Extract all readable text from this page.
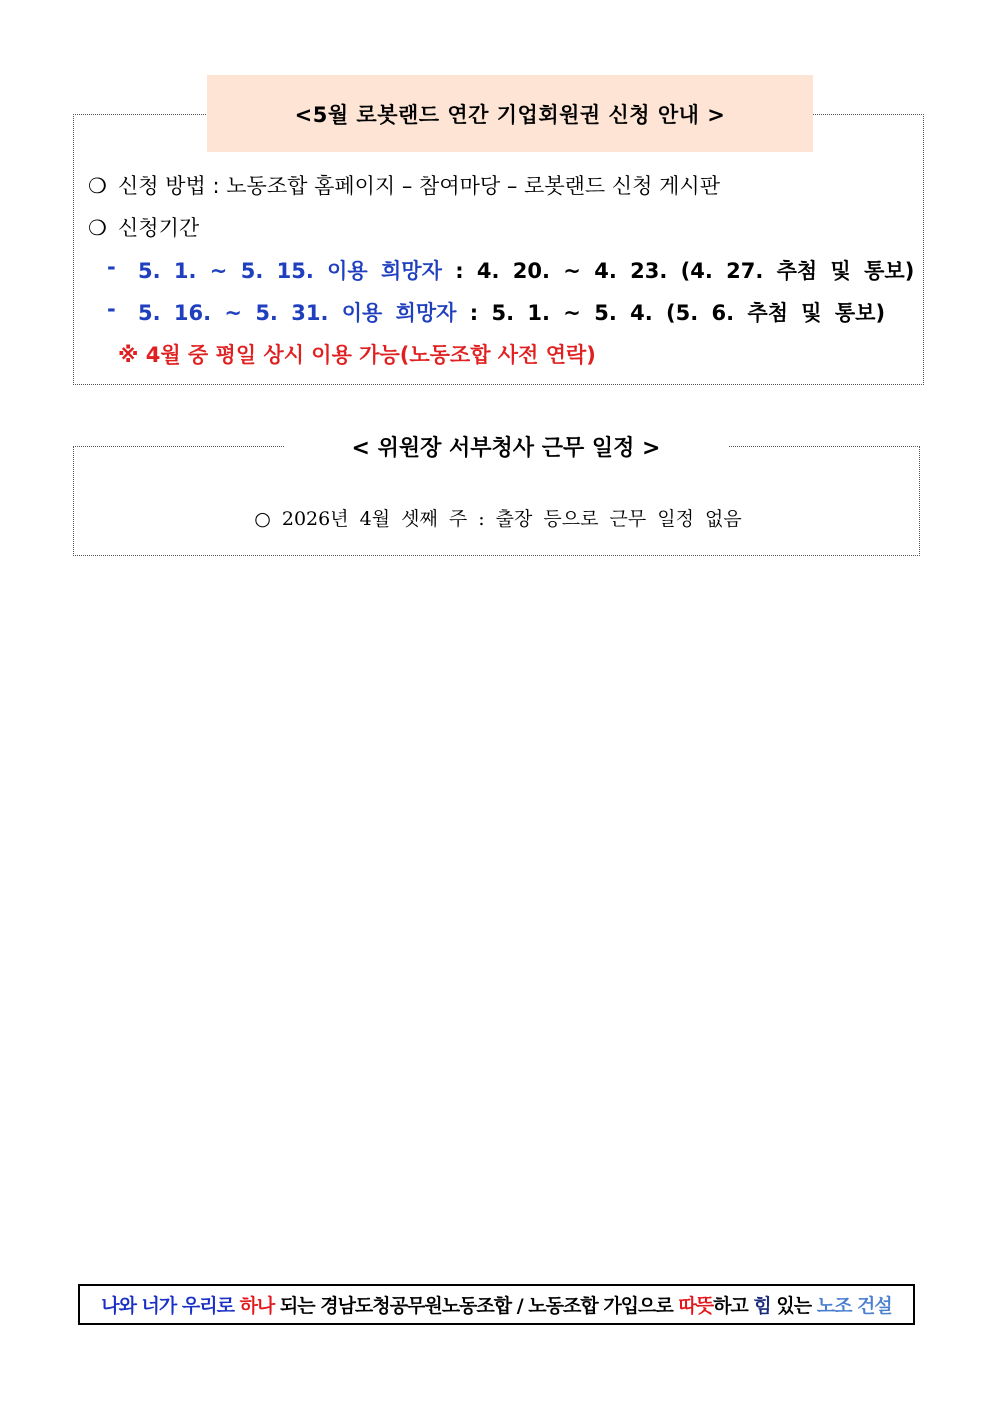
<5월 로봇랜드 연간 기업회원권 신청 안내 >
❍ 신청 방법 : 노동조합 홈페이지 – 참여마당 – 로봇랜드 신청 게시판
❍ 신청기간
- 5. 1. ~ 5. 15. 이용 희망자 : 4. 20. ~ 4. 23. (4. 27. 추첨 및 통보)
- 5. 16. ~ 5. 31. 이용 희망자 : 5. 1. ~ 5. 4. (5. 6. 추첨 및 통보)
※ 4월 중 평일 상시 이용 가능(노동조합 사전 연락)
< 위원장 서부청사 근무 일정 >
○ 2026년 4월 셋째 주 : 출장 등으로 근무 일정 없음
나와 너가 우리로 하나 되는 경남도청공무원노동조합 / 노동조합 가입으로 따뜻 하고 힘 있는 노조 건설
